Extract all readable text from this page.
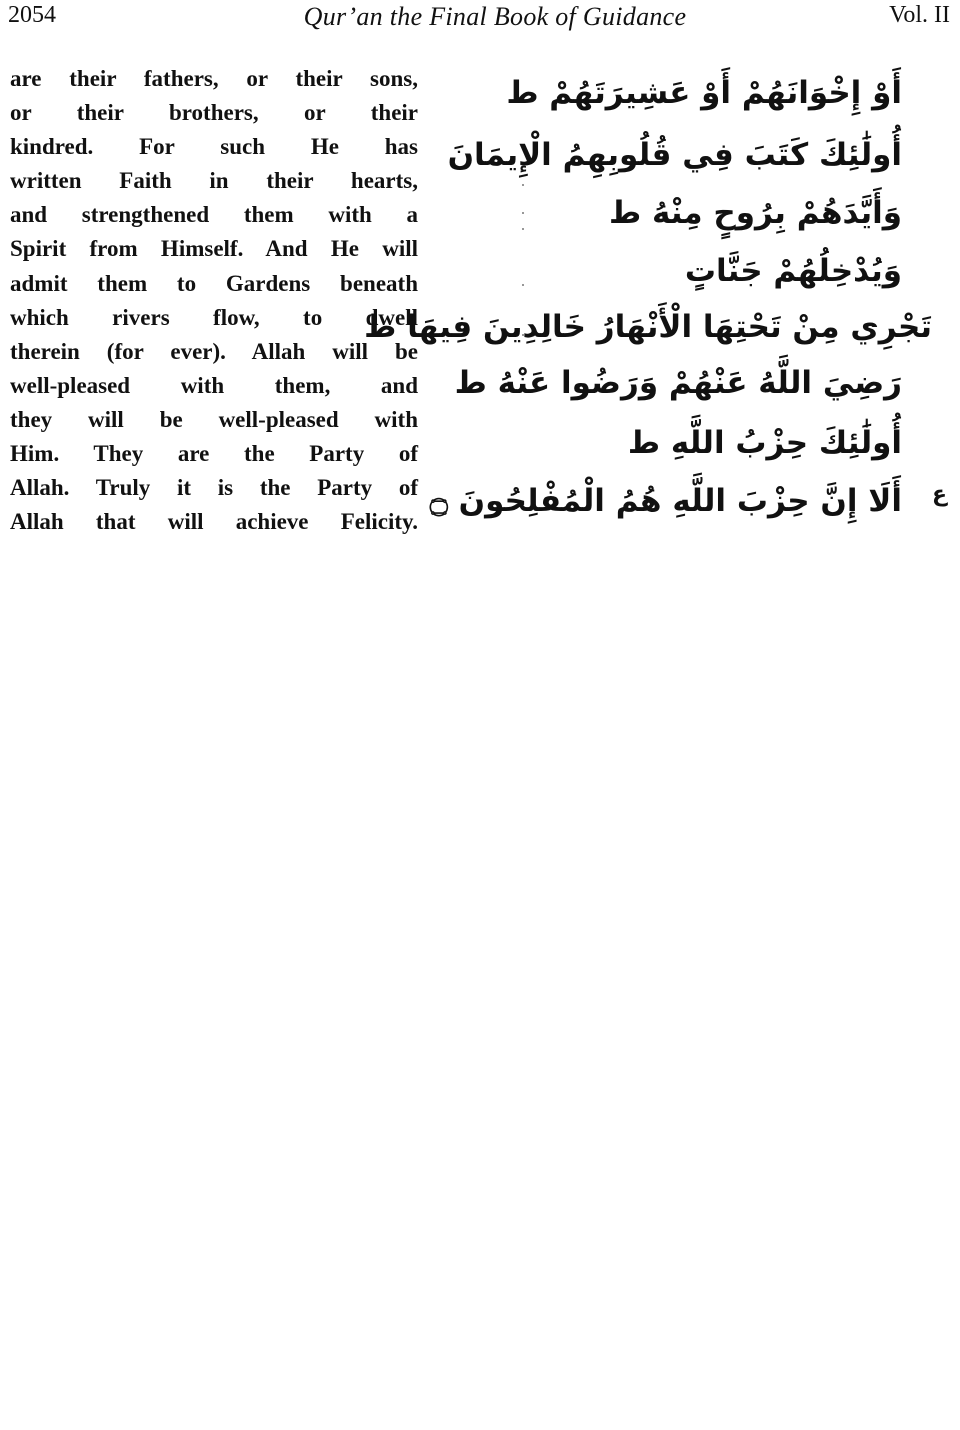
2054	Qur’an the Final Book of Guidance	Vol. II
are their fathers, or their sons,
or their brothers, or their
kindred. For such He has
written Faith in their hearts,
and strengthened them with a
Spirit from Himself. And He will
admit them to Gardens beneath
which rivers flow, to dwell
therein (for ever). Allah will be
well-pleased with them, and
they will be well-pleased with
Him. They are the Party of
Allah. Truly it is the Party of
Allah that will achieve Felicity.
أَوْ إِخْوَانَهُمْ أَوْ عَشِيرَتَهُمْ ط
أُولَٰئِكَ كَتَبَ فِي قُلُوبِهِمُ الْإِيمَانَ
وَأَيَّدَهُمْ بِرُوحٍ مِنْهُ ط
وَيُدْخِلُهُمْ جَنَّاتٍ
تَجْرِي مِنْ تَحْتِهَا الْأَنْهَارُ خَالِدِينَ فِيهَا ط
رَضِيَ اللَّهُ عَنْهُمْ وَرَضُوا عَنْهُ ط
أُولَٰئِكَ حِزْبُ اللَّهِ ط
أَلَا إِنَّ حِزْبَ اللَّهِ هُمُ الْمُفْلِحُونَ ۝ ع
